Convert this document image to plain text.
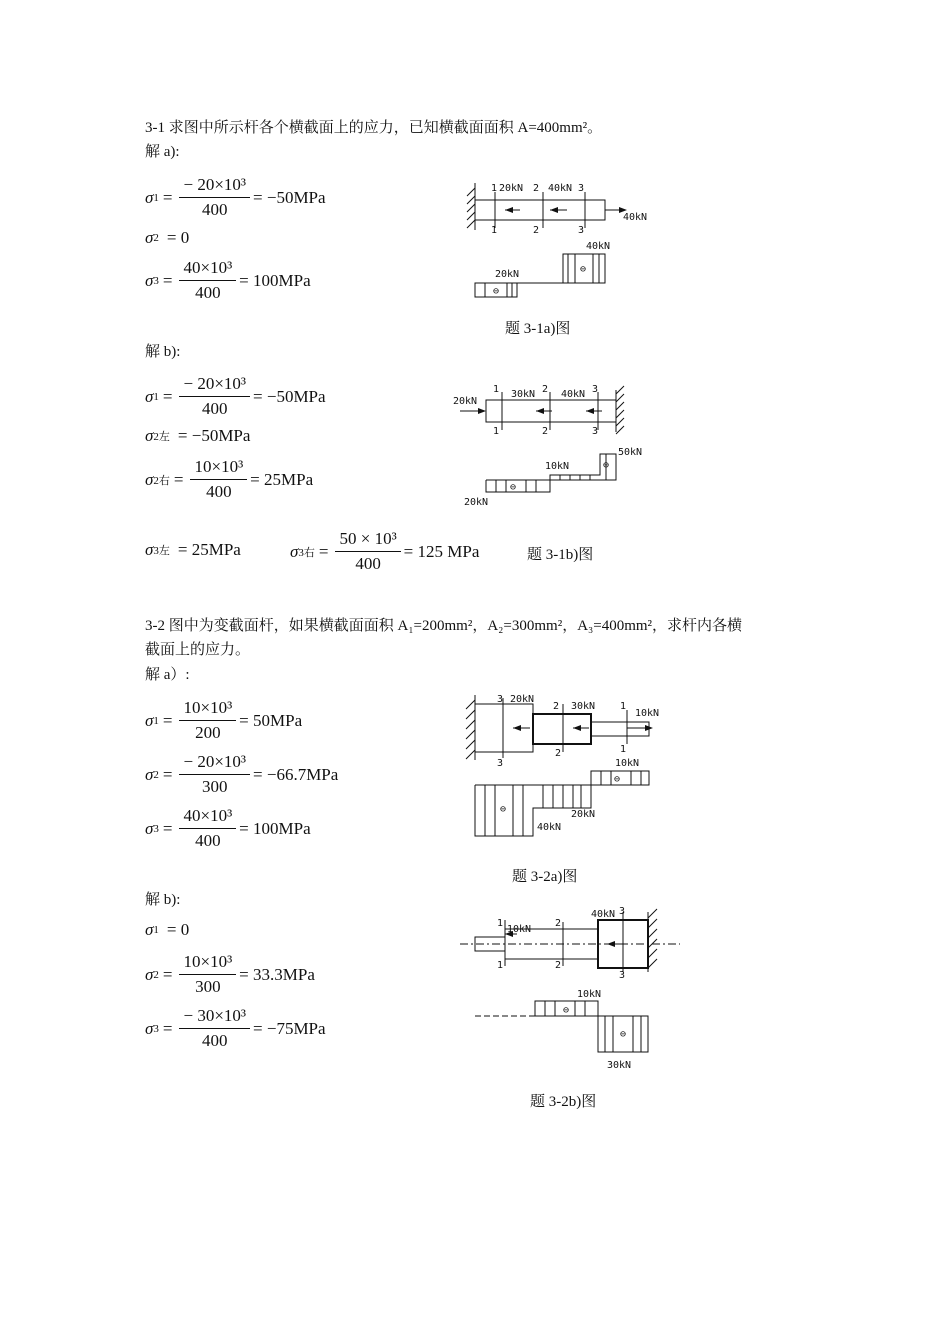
3-1 求图中所示杆各个横截面上的应力，已知横截面面积 A=400mm²。
解 a):
σ $1 = \frac{\text{− 20×10³}}{400} = -50MPa$
σ 2 = 0
σ $3 = \frac{\text{40×10³}}{400} = 100MPa$
1 20kN 2 40kN 3
40kN
1	2	3
40kN
20kN	⊖
⊖
题 3-1a)图
解 b):
σ $1 = \frac{\text{− 20×10³}}{400} = -50MPa$
σ 2左 = −50MPa
σ 2右 = $\frac{\text{10×10³}}{400} = 25MPa$
σ 3左 = 25MPa	σ 3右 = $\frac{\text{50 × 10³}}{400} = 125$ MPa	题 3-1b)图
20kN
1 30kN 2 40kN 3
1	2	3
50kN
10kN
20kN
⊖
⊖
3-2 图中为变截面杆，如果横截面面积 A₁=200mm²，A₂=300mm²，A₃=400mm²，求杆内各横
截面上的应力。
解 a）:
σ $1 = \frac{\text{10×10³}}{200} = 50MPa$
σ $2 = \frac{\text{− 20×10³}}{300} = -66.7MPa$
σ $3 = \frac{\text{40×10³}}{400} = 100MPa$
3 20kN
2 30kN 1
10kN
3
2	1
10kN
20kN
40kN
⊖
⊖
题 3-2a)图
解 b):
σ 1 = 0
σ $2 = \frac{\text{10×10³}}{300} = 33.3MPa$
σ $3 = \frac{\text{− 30×10³}}{400} = -75MPa$
1
10kN
2
40kN 3
1	2
3
10kN
30kN
⊖
⊖
题 3-2b)图
